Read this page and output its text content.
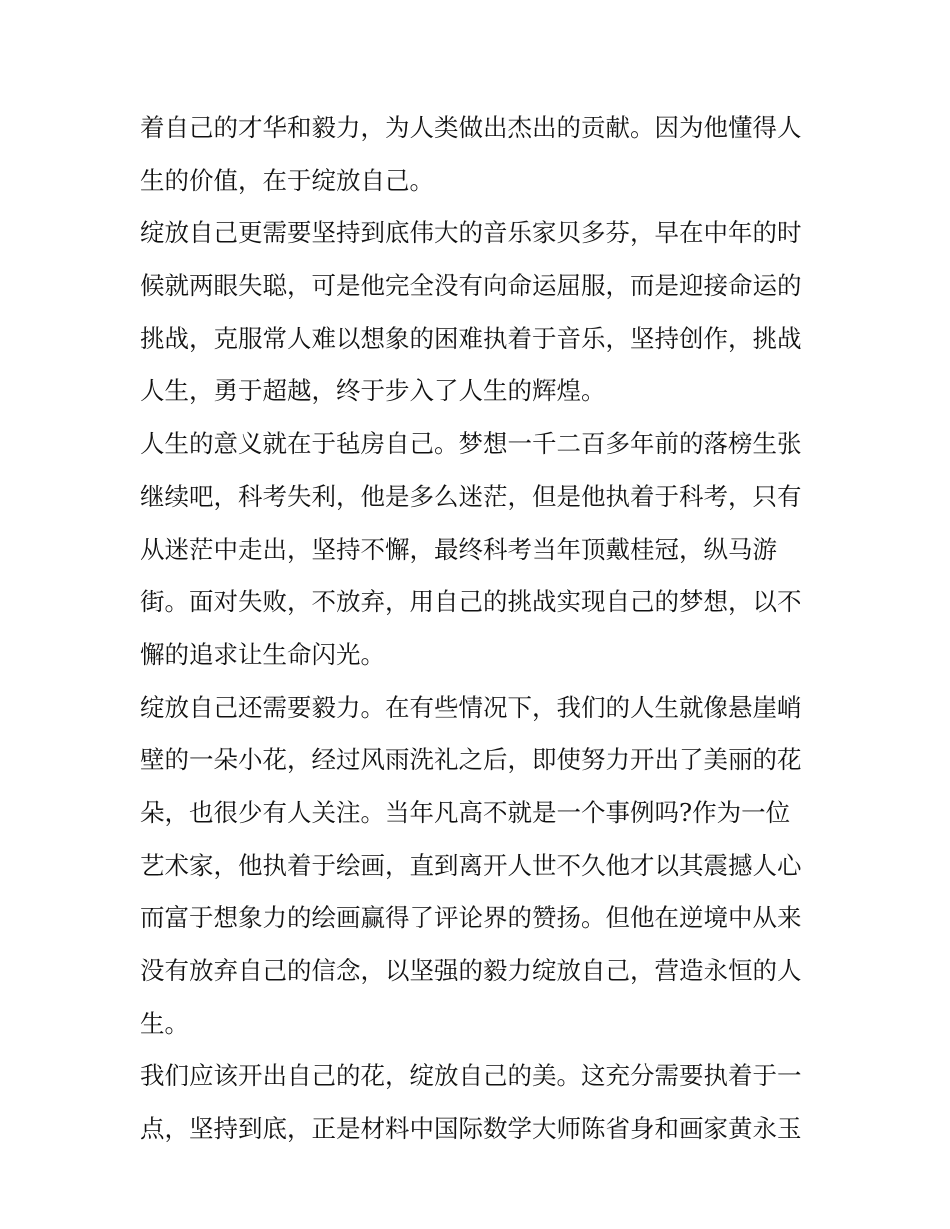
着自己的才华和毅力，为人类做出杰出的贡献。因为他懂得人
生的价值，在于绽放自己。
绽放自己更需要坚持到底伟大的音乐家贝多芬，早在中年的时
候就两眼失聪，可是他完全没有向命运屈服，而是迎接命运的
挑战，克服常人难以想象的困难执着于音乐，坚持创作，挑战
人生，勇于超越，终于步入了人生的辉煌。
人生的意义就在于毡房自己。梦想一千二百多年前的落榜生张
继续吧，科考失利，他是多么迷茫，但是他执着于科考，只有
从迷茫中走出，坚持不懈，最终科考当年顶戴桂冠，纵马游
街。面对失败，不放弃，用自己的挑战实现自己的梦想，以不
懈的追求让生命闪光。
绽放自己还需要毅力。在有些情况下，我们的人生就像悬崖峭
壁的一朵小花，经过风雨洗礼之后，即使努力开出了美丽的花
朵，也很少有人关注。当年凡高不就是一个事例吗?作为一位
艺术家，他执着于绘画，直到离开人世不久他才以其震撼人心
而富于想象力的绘画赢得了评论界的赞扬。但他在逆境中从来
没有放弃自己的信念，以坚强的毅力绽放自己，营造永恒的人
生。
我们应该开出自己的花，绽放自己的美。这充分需要执着于一
点，坚持到底，正是材料中国际数学大师陈省身和画家黄永玉
